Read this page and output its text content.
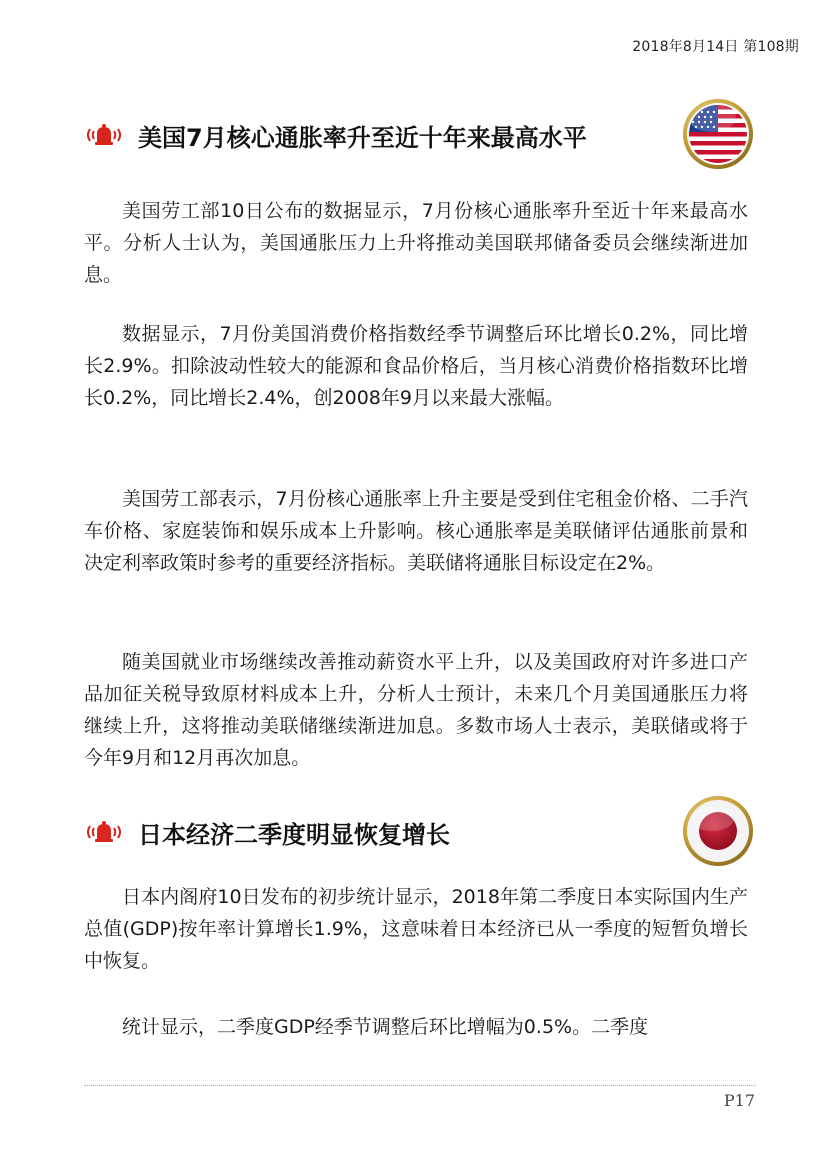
2018年8月14日 第108期
美国7月核心通胀率升至近十年来最高水平

美国劳工部10日公布的数据显示，7月份核心通胀率升至近十年来最高水平。分析人士认为，美国通胀压力上升将推动美国联邦储备委员会继续渐进加息。

数据显示，7月份美国消费价格指数经季节调整后环比增长0.2%，同比增长2.9%。扣除波动性较大的能源和食品价格后，当月核心消费价格指数环比增长0.2%，同比增长2.4%，创2008年9月以来最大涨幅。

美国劳工部表示，7月份核心通胀率上升主要是受到住宅租金价格、二手汽车价格、家庭装饰和娱乐成本上升影响。核心通胀率是美联储评估通胀前景和决定利率政策时参考的重要经济指标。美联储将通胀目标设定在2%。

随美国就业市场继续改善推动薪资水平上升，以及美国政府对许多进口产品加征关税导致原材料成本上升，分析人士预计，未来几个月美国通胀压力将继续上升，这将推动美联储继续渐进加息。多数市场人士表示，美联储或将于今年9月和12月再次加息。

日本经济二季度明显恢复增长

日本内阁府10日发布的初步统计显示，2018年第二季度日本实际国内生产总值(GDP)按年率计算增长1.9%，这意味着日本经济已从一季度的短暂负增长中恢复。

统计显示，二季度GDP经季节调整后环比增幅为0.5%。二季度

P17
